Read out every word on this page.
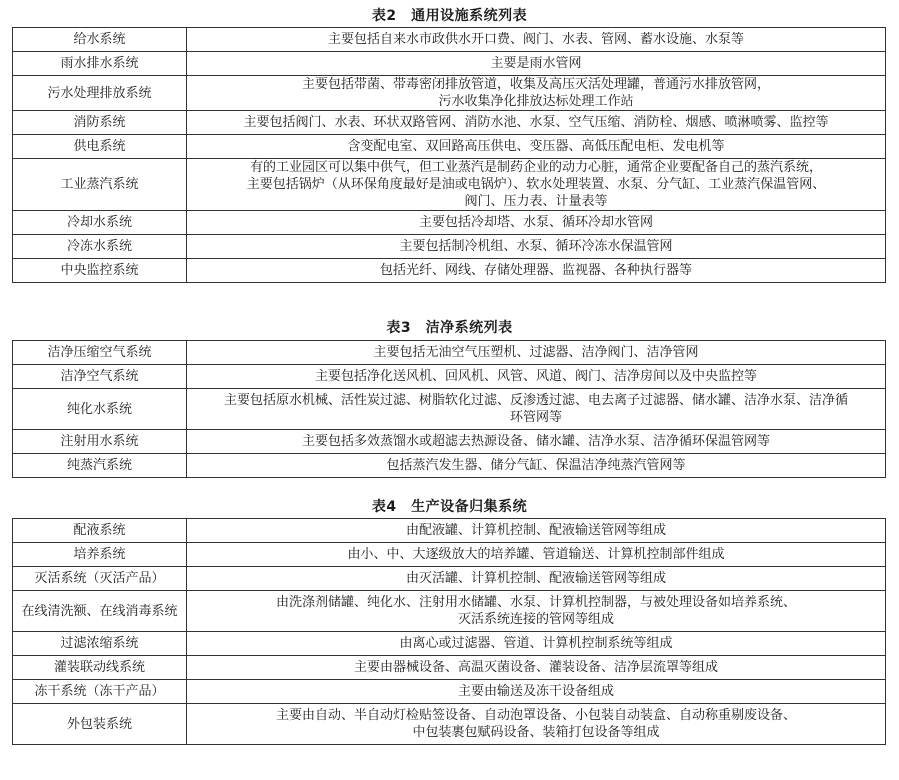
表2　通用设施系统列表
给水系统	主要包括自来水市政供水开口费、阀门、水表、管网、蓄水设施、水泵等

雨水排水系统	主要是雨水管网

污水处理排放系统	主要包括带菌、带毒密闭排放管道，收集及高压灭活处理罐，普通污水排放管网，
污水收集净化排放达标处理工作站

消防系统	主要包括阀门、水表、环状双路管网、消防水池、水泵、空气压缩、消防栓、烟感、喷淋喷雾、监控等

供电系统	含变配电室、双回路高压供电、变压器、高低压配电柜、发电机等

工业蒸汽系统	有的工业园区可以集中供气，但工业蒸汽是制药企业的动力心脏，通常企业要配备自己的蒸汽系统，
主要包括锅炉（从环保角度最好是油或电锅炉）、软水处理装置、水泵、分气缸、工业蒸汽保温管网、
阀门、压力表、计量表等

冷却水系统	主要包括冷却塔、水泵、循环冷却水管网

冷冻水系统	主要包括制冷机组、水泵、循环冷冻水保温管网

中央监控系统	包括光纤、网线、存储处理器、监视器、各种执行器等
表3　洁净系统列表
洁净压缩空气系统	主要包括无油空气压塑机、过滤器、洁净阀门、洁净管网

洁净空气系统	主要包括净化送风机、回风机、风管、风道、阀门、洁净房间以及中央监控等

纯化水系统	主要包括原水机械、活性炭过滤、树脂软化过滤、反渗透过滤、电去离子过滤器、储水罐、洁净水泵、洁净循
环管网等

注射用水系统	主要包括多效蒸馏水或超滤去热源设备、储水罐、洁净水泵、洁净循环保温管网等

纯蒸汽系统	包括蒸汽发生器、储分气缸、保温洁净纯蒸汽管网等
表4　生产设备归集系统
配液系统	由配液罐、计算机控制、配液输送管网等组成

培养系统	由小、中、大逐级放大的培养罐、管道输送、计算机控制部件组成

灭活系统（灭活产品）	由灭活罐、计算机控制、配液输送管网等组成

在线清洗额、在线消毒系统	由洗涤剂储罐、纯化水、注射用水储罐、水泵、计算机控制器，与被处理设备如培养系统、
灭活系统连接的管网等组成

过滤浓缩系统	由离心或过滤器、管道、计算机控制系统等组成

灌装联动线系统	主要由器械设备、高温灭菌设备、灌装设备、洁净层流罩等组成

冻干系统（冻干产品）	主要由输送及冻干设备组成

外包装系统	主要由自动、半自动灯检贴签设备、自动泡罩设备、小包装自动装盒、自动称重剔废设备、
中包装裹包赋码设备、装箱打包设备等组成
